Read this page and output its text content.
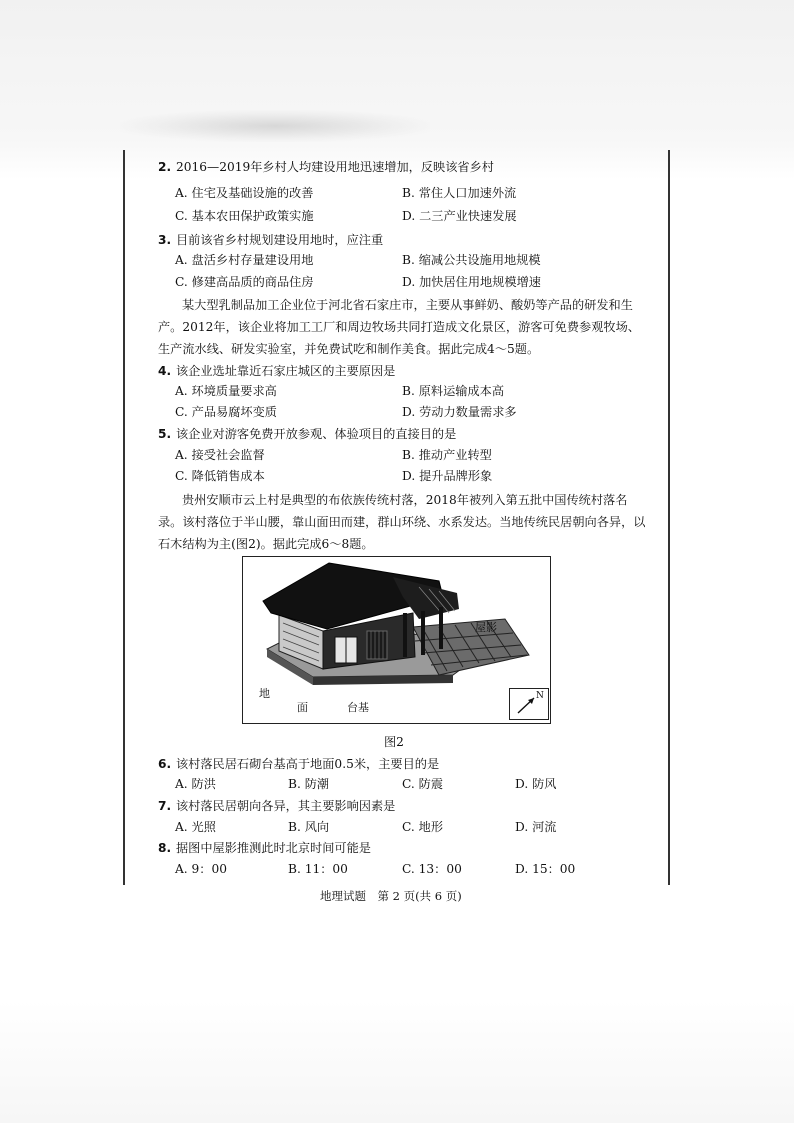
2. 2016—2019年乡村人均建设用地迅速增加，反映该省乡村
A. 住宅及基础设施的改善	B. 常住人口加速外流
C. 基本农田保护政策实施	D. 二三产业快速发展
3. 目前该省乡村规划建设用地时，应注重
A. 盘活乡村存量建设用地	B. 缩减公共设施用地规模
C. 修建高品质的商品住房	D. 加快居住用地规模增速

某大型乳制品加工企业位于河北省石家庄市，主要从事鲜奶、酸奶等产品的研发和生产。2012年，该企业将加工工厂和周边牧场共同打造成文化景区，游客可免费参观牧场、生产流水线、研发实验室，并免费试吃和制作美食。据此完成4～5题。

4. 该企业选址靠近石家庄城区的主要原因是
A. 环境质量要求高	B. 原料运输成本高
C. 产品易腐坏变质	D. 劳动力数量需求多
5. 该企业对游客免费开放参观、体验项目的直接目的是
A. 接受社会监督	B. 推动产业转型
C. 降低销售成本	D. 提升品牌形象

贵州安顺市云上村是典型的布依族传统村落，2018年被列入第五批中国传统村落名录。该村落位于半山腰，靠山面田而建，群山环绕、水系发达。当地传统民居朝向各异，以石木结构为主(图2)。据此完成6～8题。

屋影
地
面	台基
N
图2
6. 该村落民居石砌台基高于地面0.5米，主要目的是
A. 防洪	B. 防潮	C. 防震	D. 防风
7. 该村落民居朝向各异，其主要影响因素是
A. 光照	B. 风向	C. 地形	D. 河流
8. 据图中屋影推测此时北京时间可能是
A. 9：00	B. 11：00	C. 13：00	D. 15：00
地理试题　第 2 页(共 6 页)
